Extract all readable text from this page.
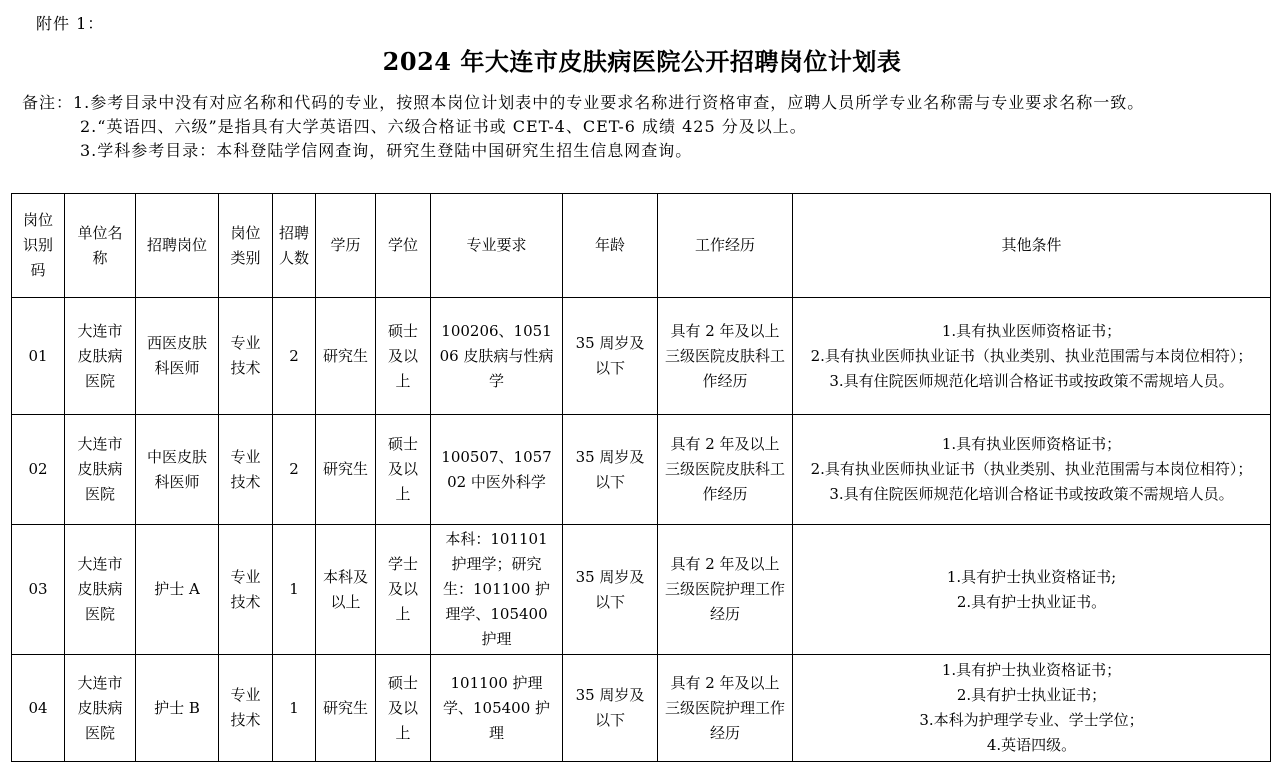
附件 1：
2024 年大连市皮肤病医院公开招聘岗位计划表
备注：1.参考目录中没有对应名称和代码的专业，按照本岗位计划表中的专业要求名称进行资格审查，应聘人员所学专业名称需与专业要求名称一致。
2.“英语四、六级”是指具有大学英语四、六级合格证书或 CET-4、CET-6 成绩 425 分及以上。
3.学科参考目录：本科登陆学信网查询，研究生登陆中国研究生招生信息网查询。
岗位识别码	单位名称	招聘岗位	岗位类别	招聘人数	学历	学位	专业要求	年龄	工作经历	其他条件
01	大连市皮肤病医院	西医皮肤科医师	专业技术	2	研究生	硕士及以上	100206、105106 皮肤病与性病学	35 周岁及以下	具有 2 年及以上三级医院皮肤科工作经历	1.具有执业医师资格证书；
2.具有执业医师执业证书（执业类别、执业范围需与本岗位相符）；
3.具有住院医师规范化培训合格证书或按政策不需规培人员。

02	大连市皮肤病医院	中医皮肤科医师	专业技术	2	研究生	硕士及以上	100507、105702 中医外科学	35 周岁及以下	具有 2 年及以上三级医院皮肤科工作经历	1.具有执业医师资格证书；
2.具有执业医师执业证书（执业类别、执业范围需与本岗位相符）；
3.具有住院医师规范化培训合格证书或按政策不需规培人员。

03	大连市皮肤病医院	护士 A	专业技术	1	本科及以上	学士及以上	本科：101101 护理学；研究生：101100 护理学、105400 护理	35 周岁及以下	具有 2 年及以上三级医院护理工作经历	1.具有护士执业资格证书;
2.具有护士执业证书。

04	大连市皮肤病医院	护士 B	专业技术	1	研究生	硕士及以上	101100 护理学、105400 护理	35 周岁及以下	具有 2 年及以上三级医院护理工作经历	1.具有护士执业资格证书；
2.具有护士执业证书；
3.本科为护理学专业、学士学位；
4.英语四级。
